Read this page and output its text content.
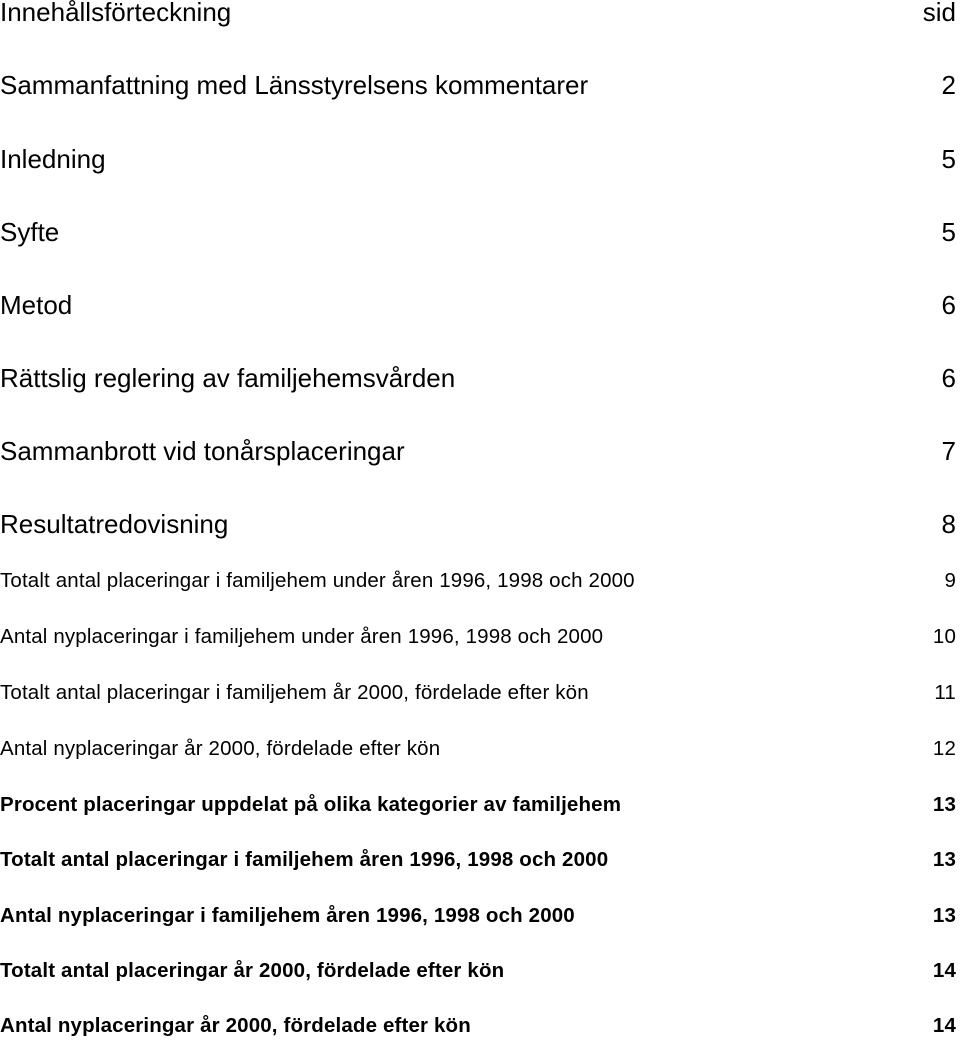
Innehållsförteckning	sid
Sammanfattning med Länsstyrelsens kommentarer	2
Inledning	5
Syfte	5
Metod	6
Rättslig reglering av familjehemsvården	6
Sammanbrott vid tonårsplaceringar	7
Resultatredovisning	8
Totalt antal placeringar i familjehem under åren 1996, 1998 och 2000	9
Antal nyplaceringar i familjehem under åren 1996, 1998 och 2000	10
Totalt antal placeringar i familjehem år 2000, fördelade efter kön	11
Antal nyplaceringar år 2000, fördelade efter kön	12
Procent placeringar uppdelat på olika kategorier av familjehem	13
Totalt antal placeringar i familjehem åren 1996, 1998 och 2000	13
Antal nyplaceringar i familjehem åren 1996, 1998 och 2000	13
Totalt antal placeringar år 2000, fördelade efter kön	14
Antal nyplaceringar år 2000, fördelade efter kön	14
